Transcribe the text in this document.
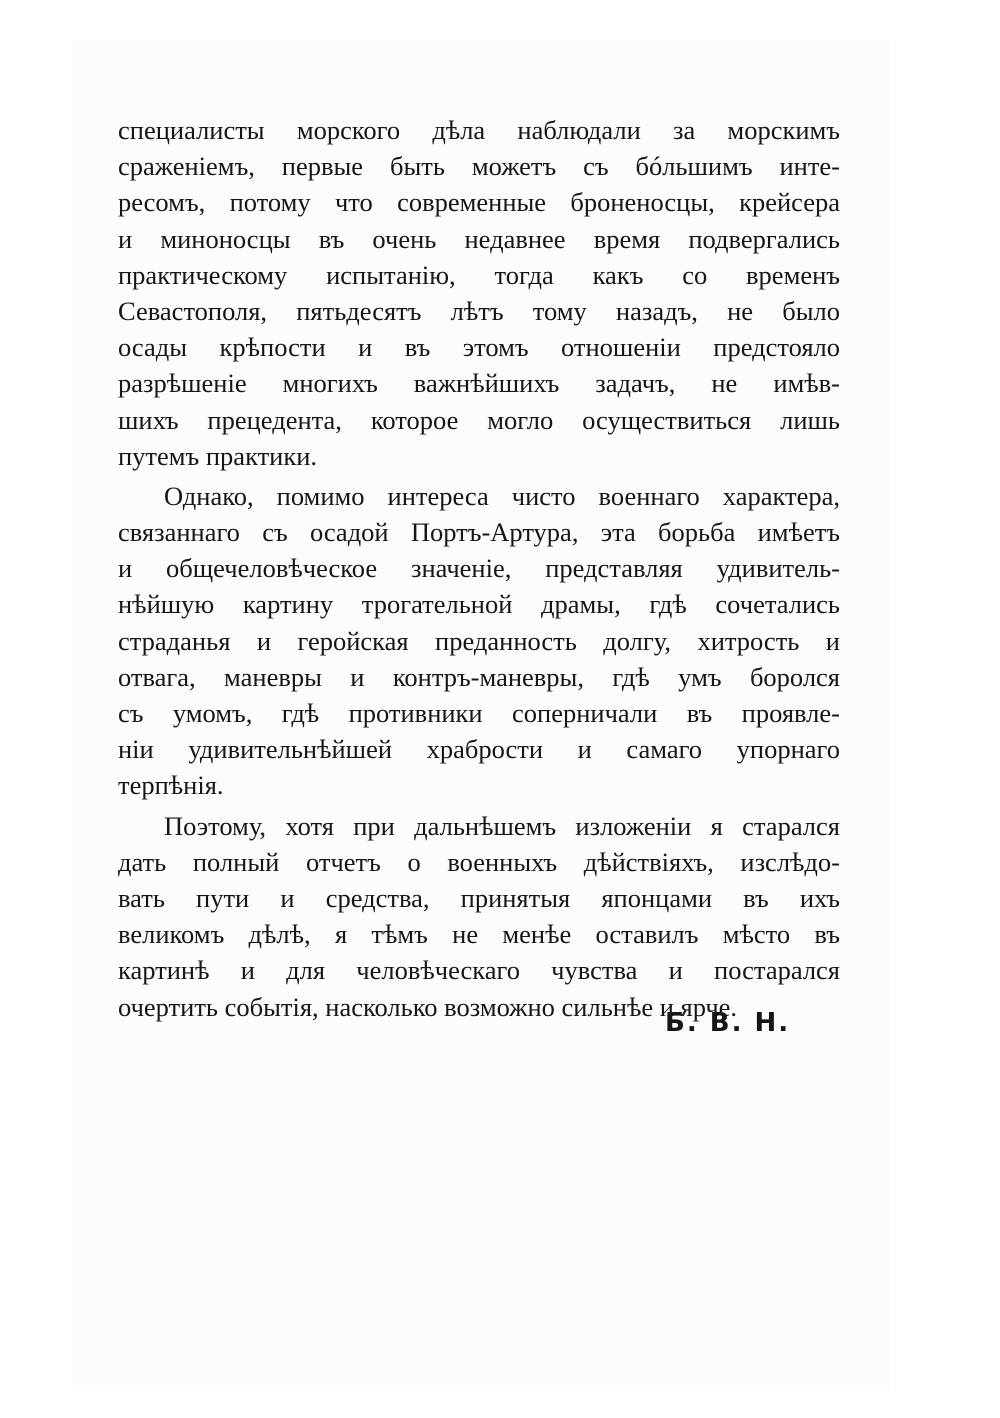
специалисты морского дѣла наблюдали за морскимъ
сраженіемъ, первые быть можетъ съ бóльшимъ инте-
ресомъ, потому что современные броненосцы, крейсера
и миноносцы въ очень недавнее время подвергались
практическому испытанію, тогда какъ со временъ
Севастополя, пятьдесятъ лѣтъ тому назадъ, не было
осады крѣпости и въ этомъ отношеніи предстояло
разрѣшеніе многихъ важнѣйшихъ задачъ, не имѣв-
шихъ прецедента, которое могло осуществиться лишь
путемъ практики.
Однако, помимо интереса чисто военнаго характера,
связаннаго съ осадой Портъ-Артура, эта борьба имѣетъ
и общечеловѣческое значеніе, представляя удивитель-
нѣйшую картину трогательной драмы, гдѣ сочетались
страданья и геройская преданность долгу, хитрость и
отвага, маневры и контръ-маневры, гдѣ умъ боролся
съ умомъ, гдѣ противники соперничали въ проявле-
ніи удивительнѣйшей храбрости и самаго упорнаго
терпѣнія.
Поэтому, хотя при дальнѣшемъ изложеніи я старался
дать полный отчетъ о военныхъ дѣйствіяхъ, изслѣдо-
вать пути и средства, принятыя японцами въ ихъ
великомъ дѣлѣ, я тѣмъ не менѣе оставилъ мѣсто въ
картинѣ и для человѣческаго чувства и постарался
очертить событія, насколько возможно сильнѣе и ярче.
Б. В. Н.
